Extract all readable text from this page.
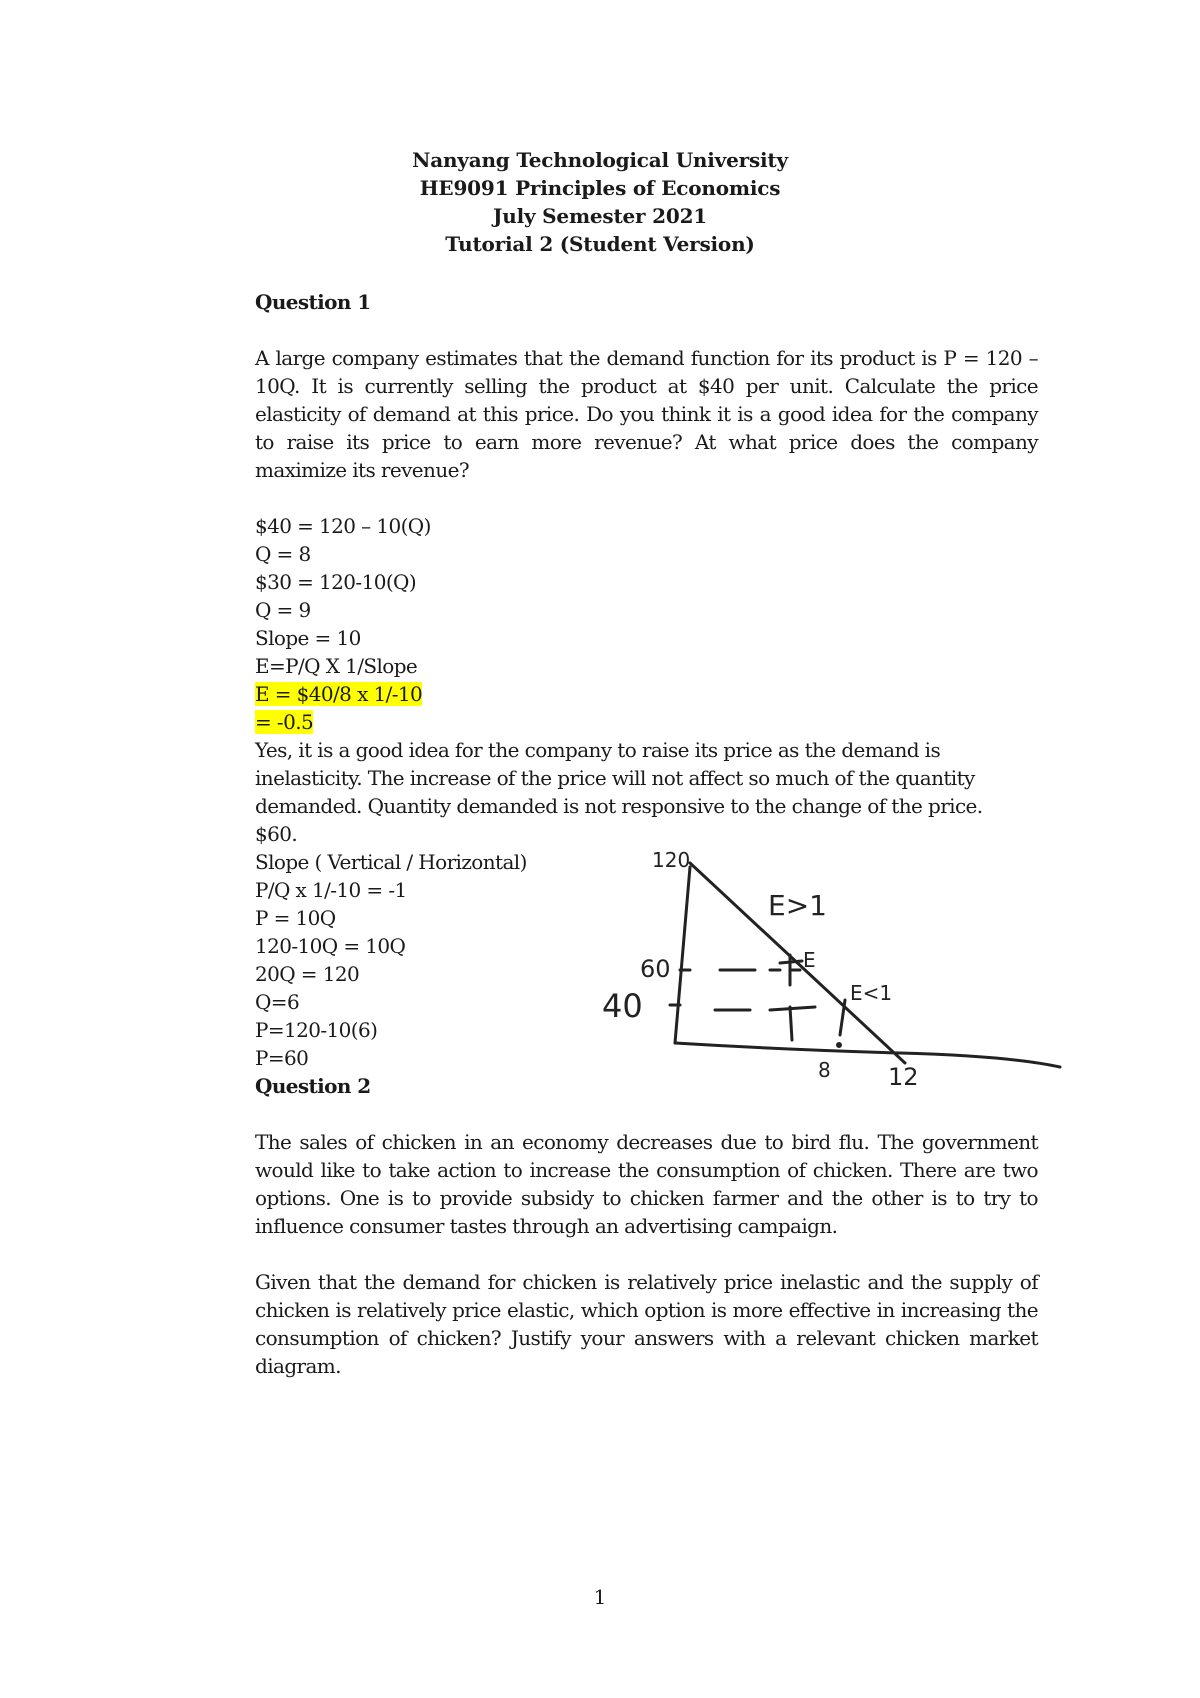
Nanyang Technological University
HE9091 Principles of Economics
July Semester 2021
Tutorial 2 (Student Version)
Question 1
A large company estimates that the demand function for its product is P = 120 – 10Q. It is currently selling the product at $40 per unit. Calculate the price elasticity of demand at this price. Do you think it is a good idea for the company to raise its price to earn more revenue? At what price does the company maximize its revenue?
$40 = 120 – 10(Q)
Q = 8
$30 = 120-10(Q)
Q = 9
Slope = 10
E=P/Q X 1/Slope
E = $40/8 x 1/-10
= -0.5
Yes, it is a good idea for the company to raise its price as the demand is inelasticity. The increase of the price will not affect so much of the quantity demanded. Quantity demanded is not responsive to the change of the price.
$60.
Slope ( Vertical / Horizontal)
P/Q x 1/-10 = -1
P = 10Q
120-10Q = 10Q
20Q = 120
Q=6
P=120-10(6)
P=60
Question 2
The sales of chicken in an economy decreases due to bird flu. The government would like to take action to increase the consumption of chicken. There are two options. One is to provide subsidy to chicken farmer and the other is to try to influence consumer tastes through an advertising campaign.
Given that the demand for chicken is relatively price inelastic and the supply of chicken is relatively price elastic, which option is more effective in increasing the consumption of chicken? Justify your answers with a relevant chicken market diagram.
120
60
40
E>1
E
E<1
8 12
1
